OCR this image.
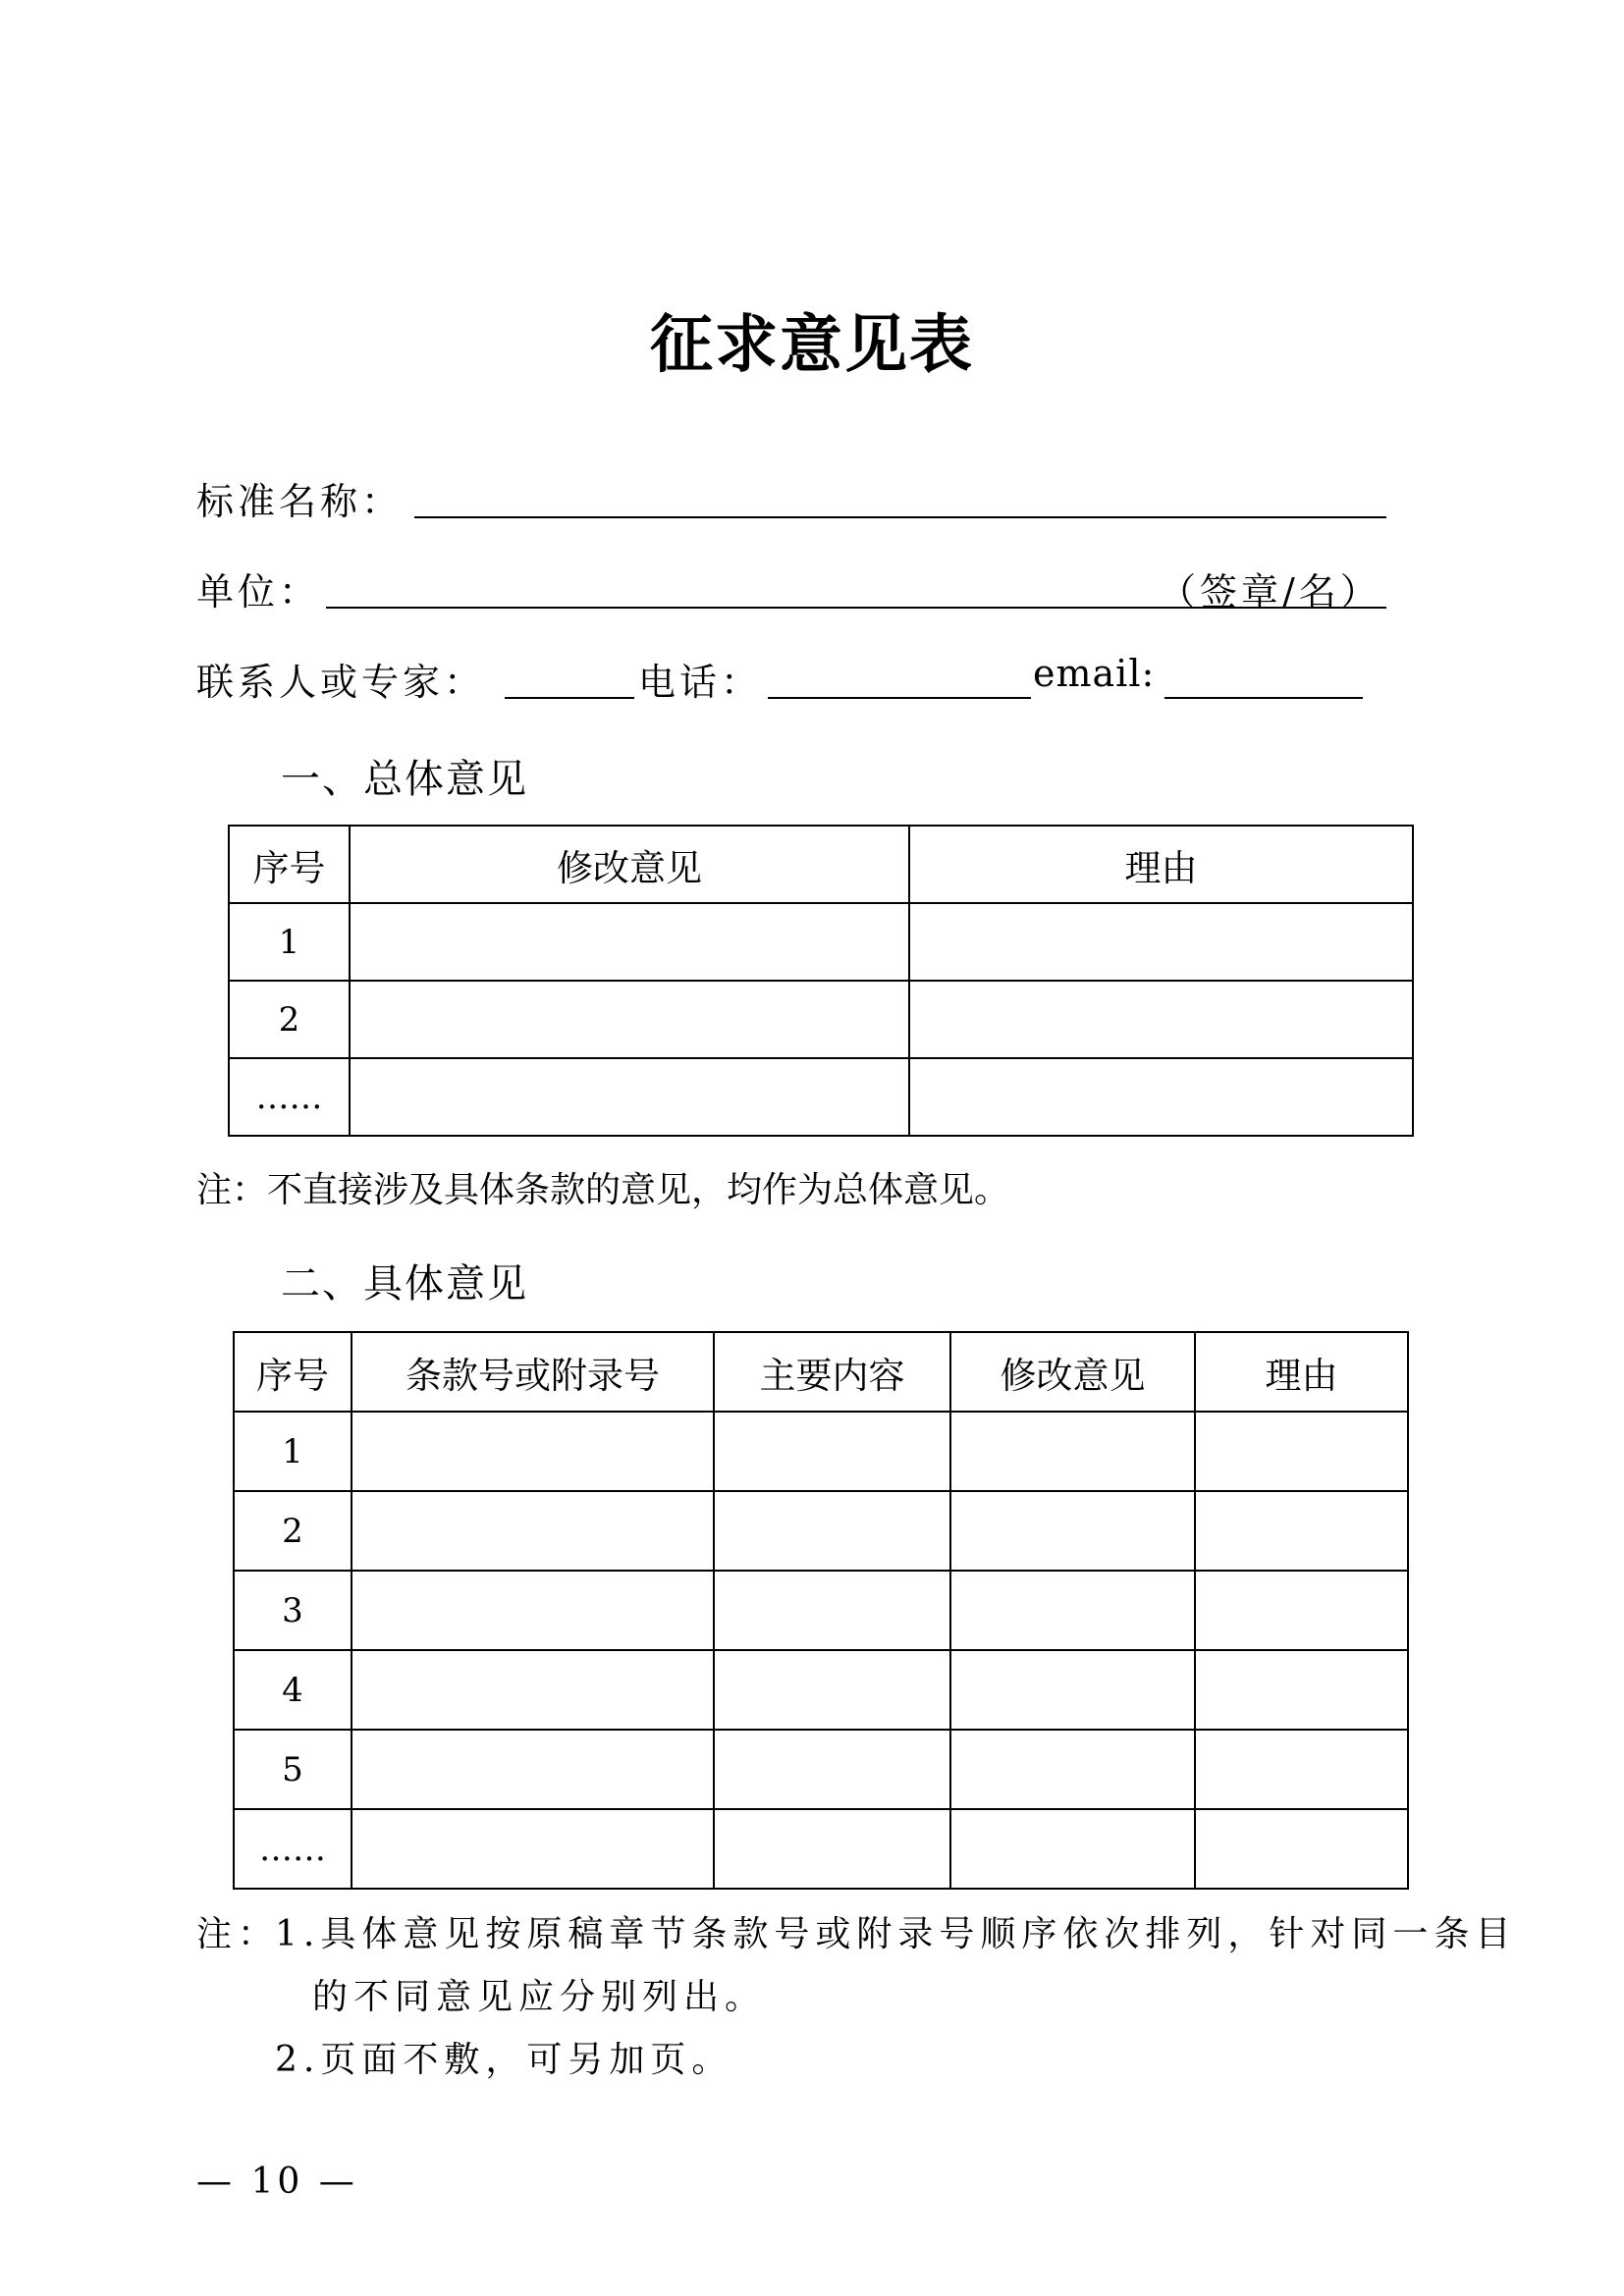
征求意见表
标准名称：
单位：	（签章/名）
联系人或专家：	电话：	email:
一、总体意见
序号	修改意见	理由
1		
2		
……		
注：不直接涉及具体条款的意见，均作为总体意见。
二、具体意见
序号	条款号或附录号	主要内容	修改意见	理由
1				
2				
3				
4				
5				
……				
注：
1.具体意见按原稿章节条款号或附录号顺序依次排列，针对同一条目
的不同意见应分别列出。
2.页面不敷，可另加页。
— 10 —
